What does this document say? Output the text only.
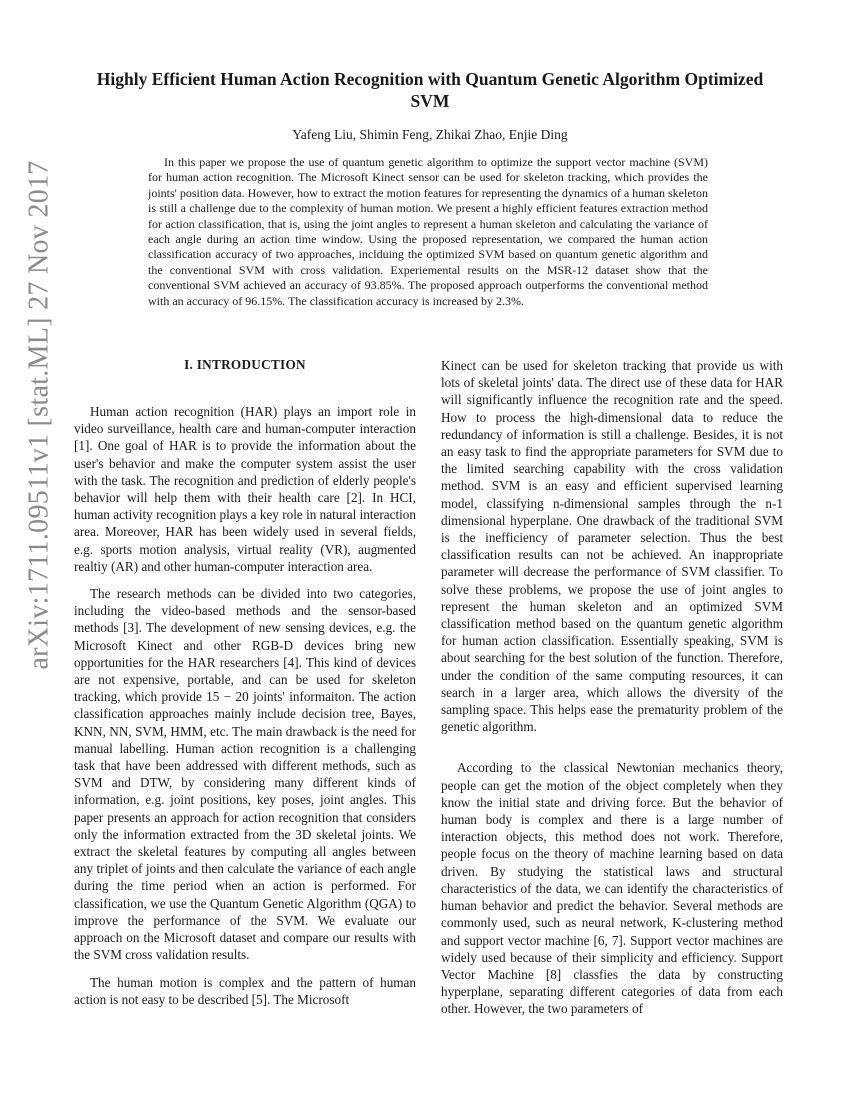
arXiv:1711.09511v1 [stat.ML] 27 Nov 2017
Highly Efficient Human Action Recognition with Quantum Genetic Algorithm Optimized SVM
Yafeng Liu, Shimin Feng, Zhikai Zhao, Enjie Ding

In this paper we propose the use of quantum genetic algorithm to optimize the support vector machine (SVM) for human action recognition. The Microsoft Kinect sensor can be used for skeleton tracking, which provides the joints' position data. However, how to extract the motion features for representing the dynamics of a human skeleton is still a challenge due to the complexity of human motion. We present a highly efficient features extraction method for action classification, that is, using the joint angles to represent a human skeleton and calculating the variance of each angle during an action time window. Using the proposed representation, we compared the human action classification accuracy of two approaches, inclduing the optimized SVM based on quantum genetic algorithm and the conventional SVM with cross validation. Experiemental results on the MSR-12 dataset show that the conventional SVM achieved an accuracy of 93.85%. The proposed approach outperforms the conventional method with an accuracy of 96.15%. The classification accuracy is increased by 2.3%.

I. INTRODUCTION

Human action recognition (HAR) plays an import role in video surveillance, health care and human-computer interaction [1]. One goal of HAR is to provide the information about the user's behavior and make the computer system assist the user with the task. The recognition and prediction of elderly people's behavior will help them with their health care [2]. In HCI, human activity recognition plays a key role in natural interaction area. Moreover, HAR has been widely used in several fields, e.g. sports motion analysis, virtual reality (VR), augmented realtiy (AR) and other human-computer interaction area.

The research methods can be divided into two categories, including the video-based methods and the sensor-based methods [3]. The development of new sensing devices, e.g. the Microsoft Kinect and other RGB-D devices bring new opportunities for the HAR researchers [4]. This kind of devices are not expensive, portable, and can be used for skeleton tracking, which provide 15 − 20 joints' informaiton. The action classification approaches mainly include decision tree, Bayes, KNN, NN, SVM, HMM, etc. The main drawback is the need for manual labelling. Human action recognition is a challenging task that have been addressed with different methods, such as SVM and DTW, by considering many different kinds of information, e.g. joint positions, key poses, joint angles. This paper presents an approach for action recognition that considers only the information extracted from the 3D skeletal joints. We extract the skeletal features by computing all angles between any triplet of joints and then calculate the variance of each angle during the time period when an action is performed. For classification, we use the Quantum Genetic Algorithm (QGA) to improve the performance of the SVM. We evaluate our approach on the Microsoft dataset and compare our results with the SVM cross validation results.

The human motion is complex and the pattern of human action is not easy to be described [5]. The Microsoft

Kinect can be used for skeleton tracking that provide us with lots of skeletal joints' data. The direct use of these data for HAR will significantly influence the recognition rate and the speed. How to process the high-dimensional data to reduce the redundancy of information is still a challenge. Besides, it is not an easy task to find the appropriate parameters for SVM due to the limited searching capability with the cross validation method. SVM is an easy and efficient supervised learning model, classifying n-dimensional samples through the n-1 dimensional hyperplane. One drawback of the traditional SVM is the inefficiency of parameter selection. Thus the best classification results can not be achieved. An inappropriate parameter will decrease the performance of SVM classifier. To solve these problems, we propose the use of joint angles to represent the human skeleton and an optimized SVM classification method based on the quantum genetic algorithm for human action classification. Essentially speaking, SVM is about searching for the best solution of the function. Therefore, under the condition of the same computing resources, it can search in a larger area, which allows the diversity of the sampling space. This helps ease the prematurity problem of the genetic algorithm.

According to the classical Newtonian mechanics theory, people can get the motion of the object completely when they know the initial state and driving force. But the behavior of human body is complex and there is a large number of interaction objects, this method does not work. Therefore, people focus on the theory of machine learning based on data driven. By studying the statistical laws and structural characteristics of the data, we can identify the characteristics of human behavior and predict the behavior. Several methods are commonly used, such as neural network, K-clustering method and support vector machine [6, 7]. Support vector machines are widely used because of their simplicity and efficiency. Support Vector Machine [8] classfies the data by constructing hyperplane, separating different categories of data from each other. However, the two parameters of
